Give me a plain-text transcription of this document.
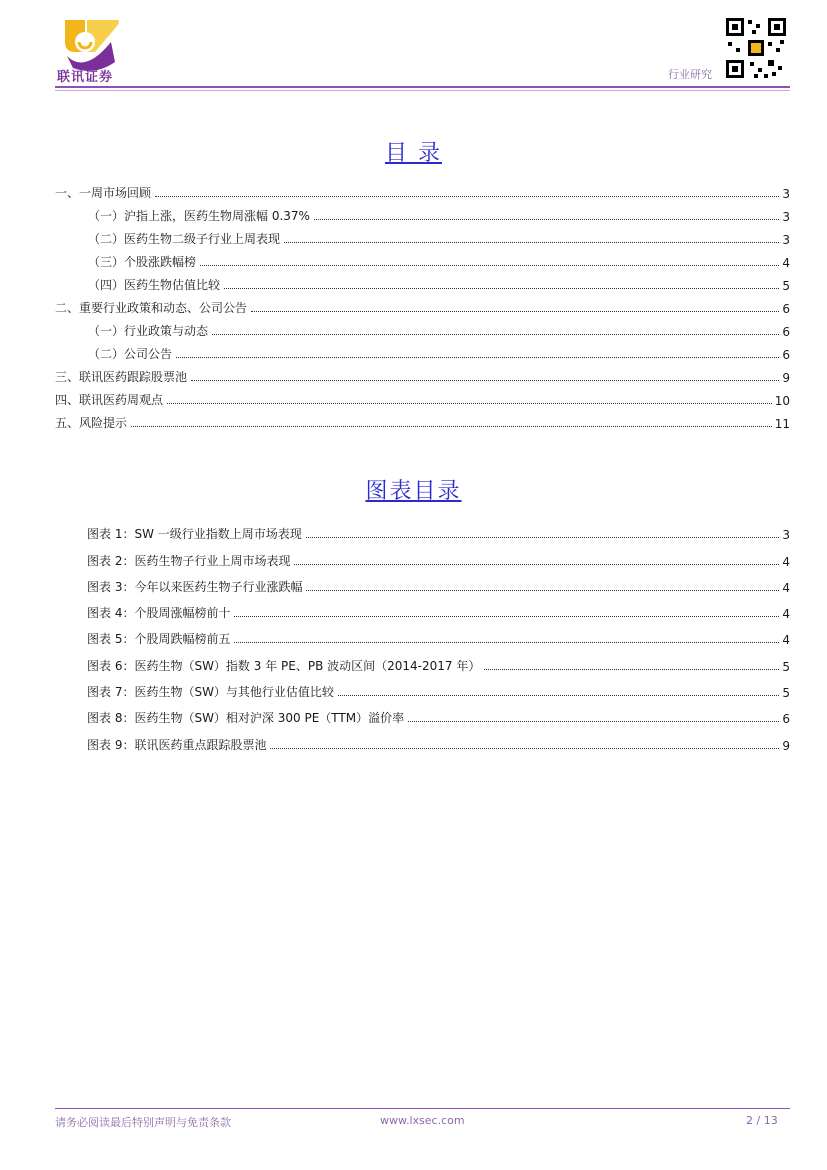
联讯证券	行业研究
目 录
一、一周市场回顾	3
（一）沪指上涨，医药生物周涨幅 0.37%	3
（二）医药生物二级子行业上周表现	3
（三）个股涨跌幅榜	4
（四）医药生物估值比较	5
二、重要行业政策和动态、公司公告	6
（一）行业政策与动态	6
（二）公司公告	6
三、联讯医药跟踪股票池	9
四、联讯医药周观点	10
五、风险提示	11
图表目录
图表 1：SW 一级行业指数上周市场表现	3
图表 2：医药生物子行业上周市场表现	4
图表 3：今年以来医药生物子行业涨跌幅	4
图表 4：个股周涨幅榜前十	4
图表 5：个股周跌幅榜前五	4
图表 6：医药生物（SW）指数 3 年 PE、PB 波动区间（2014-2017 年）	5
图表 7：医药生物（SW）与其他行业估值比较	5
图表 8：医药生物（SW）相对沪深 300 PE（TTM）溢价率	6
图表 9：联讯医药重点跟踪股票池	9
请务必阅读最后特别声明与免责条款	www.lxsec.com	2 / 13
